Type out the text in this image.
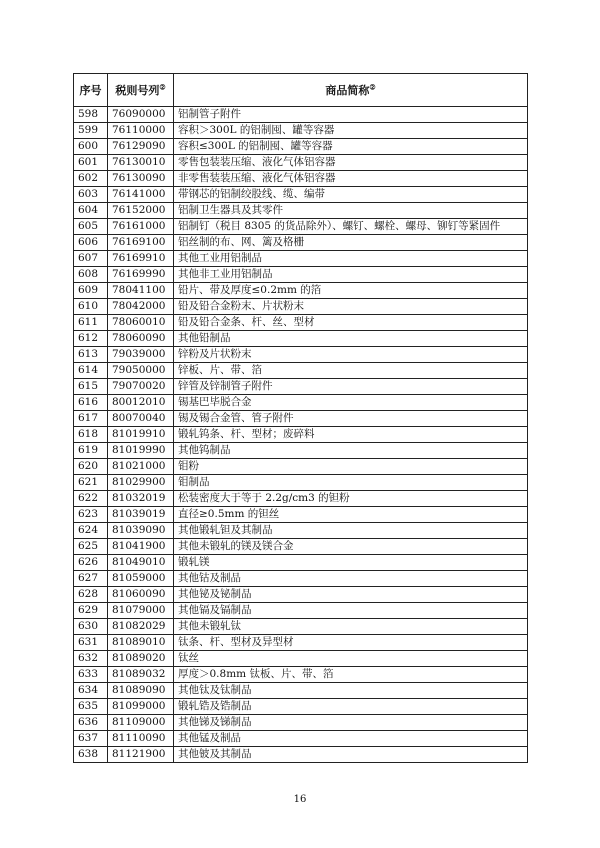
序号	税则号列②	商品简称②
598	76090000	铝制管子附件
599	76110000	容积＞300L 的铝制囤、罐等容器
600	76129090	容积≤300L 的铝制囤、罐等容器
601	76130010	零售包装装压缩、液化气体铝容器
602	76130090	非零售装装压缩、液化气体铝容器
603	76141000	带钢芯的铝制绞股线、缆、编带
604	76152000	铝制卫生器具及其零件
605	76161000	铝制钉（税目 8305 的货品除外）、螺钉、螺栓、螺母、铆钉等紧固件
606	76169100	铝丝制的布、网、篱及格栅
607	76169910	其他工业用铝制品
608	76169990	其他非工业用铝制品
609	78041100	铅片、带及厚度≤0.2mm 的箔
610	78042000	铅及铅合金粉末、片状粉末
611	78060010	铅及铅合金条、杆、丝、型材
612	78060090	其他铅制品
613	79039000	锌粉及片状粉末
614	79050000	锌板、片、带、箔
615	79070020	锌管及锌制管子附件
616	80012010	锡基巴毕脱合金
617	80070040	锡及锡合金管、管子附件
618	81019910	锻轧钨条、杆、型材；废碎料
619	81019990	其他钨制品
620	81021000	钼粉
621	81029900	钼制品
622	81032019	松装密度大于等于 2.2g/cm3 的钽粉
623	81039019	直径≥0.5mm 的钽丝
624	81039090	其他锻轧钽及其制品
625	81041900	其他未锻轧的镁及镁合金
626	81049010	锻轧镁
627	81059000	其他钴及制品
628	81060090	其他铋及铋制品
629	81079000	其他镉及镉制品
630	81082029	其他未锻轧钛
631	81089010	钛条、杆、型材及异型材
632	81089020	钛丝
633	81089032	厚度＞0.8mm 钛板、片、带、箔
634	81089090	其他钛及钛制品
635	81099000	锻轧锆及锆制品
636	81109000	其他锑及锑制品
637	81110090	其他锰及制品
638	81121900	其他铍及其制品
16
